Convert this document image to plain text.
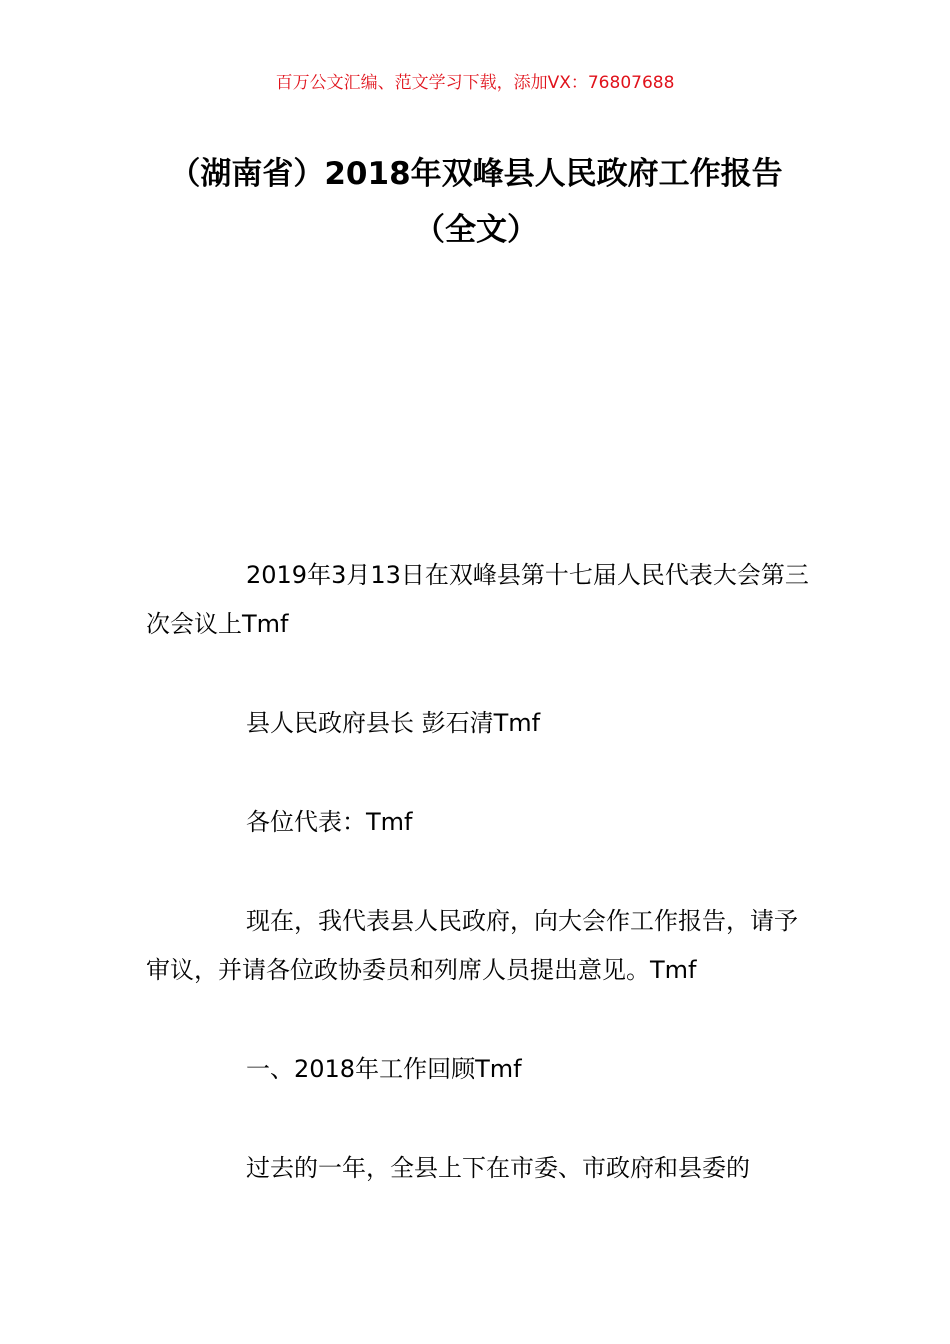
百万公文汇编、范文学习下载，添加VX：76807688
（湖南省）2018年双峰县人民政府工作报告（全文）

2019年3月13日在双峰县第十七届人民代表大会第三次会议上Tmf

县人民政府县长 彭石清Tmf

各位代表：Tmf

现在，我代表县人民政府，向大会作工作报告，请予审议，并请各位政协委员和列席人员提出意见。Tmf

一、2018年工作回顾Tmf

过去的一年，全县上下在市委、市政府和县委的
